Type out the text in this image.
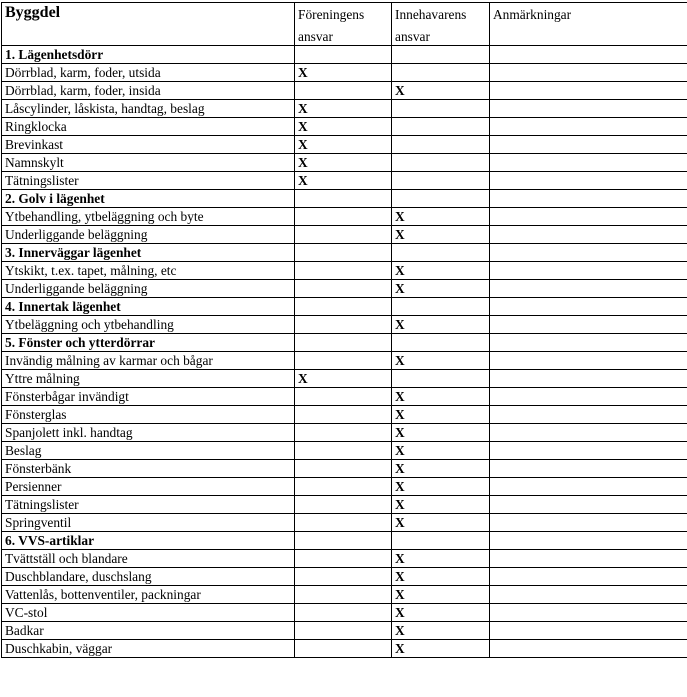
Byggdel	Föreningens	Innehavarens	Anmärkningar
	ansvar	ansvar	
1. Lägenhetsdörr			
Dörrblad, karm, foder, utsida	X		
Dörrblad, karm, foder, insida		X	
Låscylinder, låskista, handtag, beslag	X		
Ringklocka	X		
Brevinkast	X		
Namnskylt	X		
Tätningslister	X		
2. Golv i lägenhet			
Ytbehandling, ytbeläggning och byte		X	
Underliggande beläggning		X	
3. Innerväggar lägenhet			
Ytskikt, t.ex. tapet, målning, etc		X	
Underliggande beläggning		X	
4. Innertak lägenhet			
Ytbeläggning och ytbehandling		X	
5. Fönster och ytterdörrar			
Invändig målning av karmar och bågar		X	
Yttre målning	X		
Fönsterbågar invändigt		X	
Fönsterglas		X	
Spanjolett inkl. handtag		X	
Beslag		X	
Fönsterbänk		X	
Persienner		X	
Tätningslister		X	
Springventil		X	
6. VVS-artiklar			
Tvättställ och blandare		X	
Duschblandare, duschslang		X	
Vattenlås, bottenventiler, packningar		X	
VC-stol		X	
Badkar		X	
Duschkabin, väggar		X	
